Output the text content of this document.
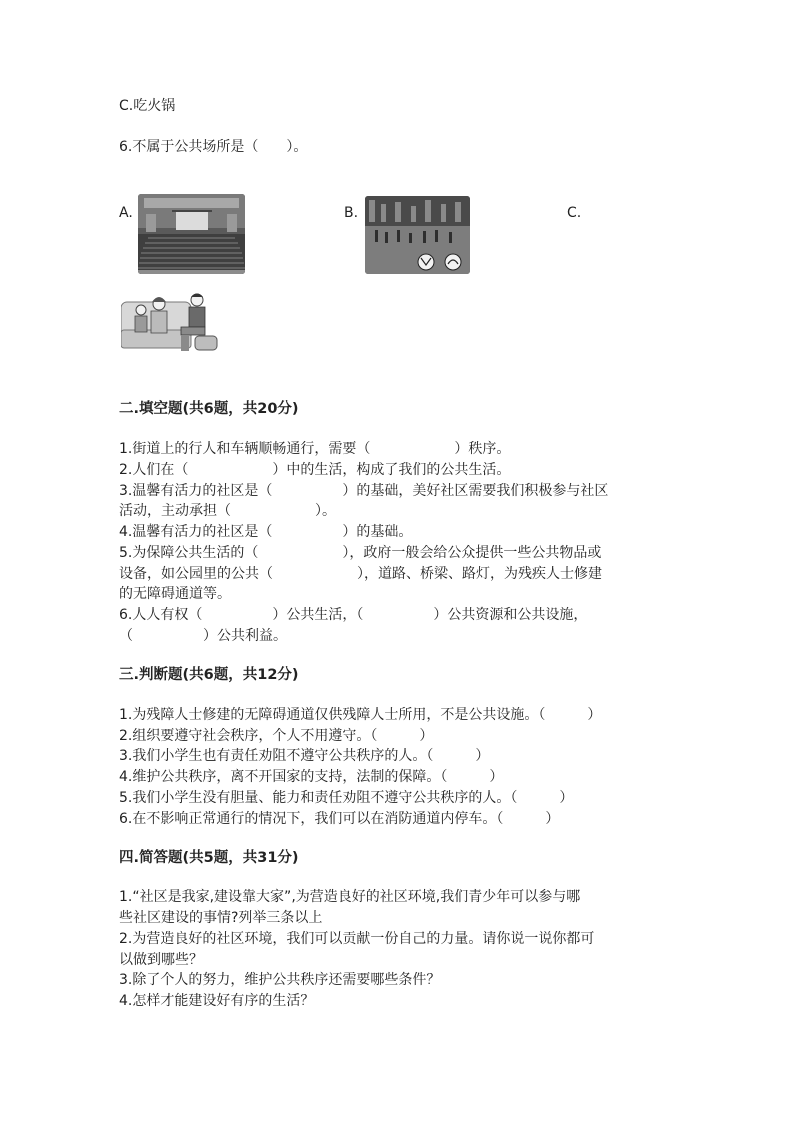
C.吃火锅
6.不属于公共场所是（　　）。
A.	B.	C.
二.填空题(共6题，共20分)
1.街道上的行人和车辆顺畅通行，需要（　　　　　　）秩序。
2.人们在（　　　　　　）中的生活，构成了我们的公共生活。
3.温馨有活力的社区是（　　　　　）的基础，美好社区需要我们积极参与社区
活动，主动承担（　　　　　　）。
4.温馨有活力的社区是（　　　　　）的基础。
5.为保障公共生活的（　　　　　　），政府一般会给公众提供一些公共物品或
设备，如公园里的公共（　　　　　　），道路、桥梁、路灯，为残疾人士修建
的无障碍通道等。
6.人人有权（　　　　　）公共生活，（　　　　　）公共资源和公共设施，
（　　　　　）公共利益。
三.判断题(共6题，共12分)
1.为残障人士修建的无障碍通道仅供残障人士所用，不是公共设施。（　　　）
2.组织要遵守社会秩序，个人不用遵守。（　　　）
3.我们小学生也有责任劝阻不遵守公共秩序的人。（　　　）
4.维护公共秩序，离不开国家的支持，法制的保障。（　　　）
5.我们小学生没有胆量、能力和责任劝阻不遵守公共秩序的人。（　　　）
6.在不影响正常通行的情况下，我们可以在消防通道内停车。（　　　）
四.简答题(共5题，共31分)
1.“社区是我家,建设靠大家”,为营造良好的社区环境,我们青少年可以参与哪
些社区建设的事情?列举三条以上
2.为营造良好的社区环境，我们可以贡献一份自己的力量。请你说一说你都可
以做到哪些？
3.除了个人的努力，维护公共秩序还需要哪些条件？
4.怎样才能建设好有序的生活？
